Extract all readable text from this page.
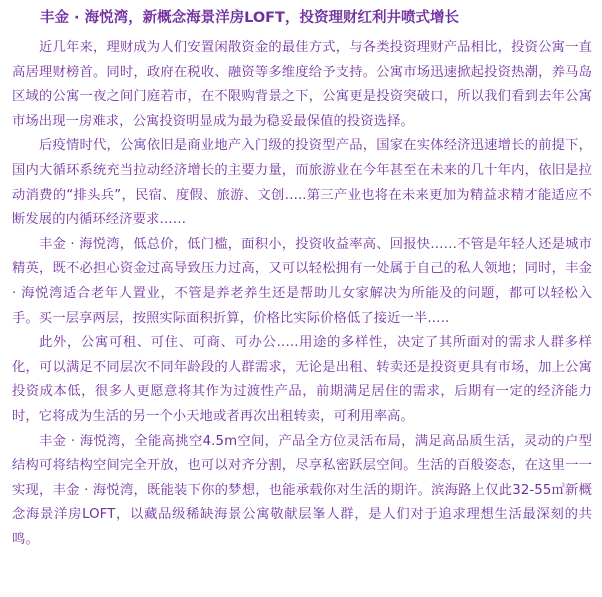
丰金 · 海悦湾，新概念海景洋房LOFT，投资理财红利井喷式增长

近几年来，理财成为人们安置闲散资金的最佳方式，与各类投资理财产品相比，投资公寓一直高居理财榜首。同时，政府在税收、融资等多维度给予支持。公寓市场迅速掀起投资热潮，养马岛区域的公寓一夜之间门庭若市，在不限购背景之下，公寓更是投资突破口，所以我们看到去年公寓市场出现一房难求，公寓投资明显成为最为稳妥最保值的投资选择。

后疫情时代，公寓依旧是商业地产入门级的投资型产品，国家在实体经济迅速增长的前提下，国内大循环系统充当拉动经济增长的主要力量，而旅游业在今年甚至在未来的几十年内，依旧是拉动消费的“排头兵”，民宿、度假、旅游、文创…..第三产业也将在未来更加为精益求精才能适应不断发展的内循环经济要求……

丰金 · 海悦湾，低总价，低门槛，面积小，投资收益率高、回报快……不管是年轻人还是城市精英，既不必担心资金过高导致压力过高，又可以轻松拥有一处属于自己的私人领地；同时，丰金 · 海悦湾适合老年人置业，不管是养老养生还是帮助儿女家解决为所能及的问题，都可以轻松入手。买一层享两层，按照实际面积折算，价格比实际价格低了接近一半…..

此外，公寓可租、可住、可商、可办公…..用途的多样性，决定了其所面对的需求人群多样化，可以满足不同层次不同年龄段的人群需求，无论是出租、转卖还是投资更具有市场，加上公寓投资成本低，很多人更愿意将其作为过渡性产品，前期满足居住的需求，后期有一定的经济能力时，它将成为生活的另一个小天地或者再次出租转卖，可利用率高。

丰金 · 海悦湾，全能高挑空4.5m空间，产品全方位灵活布局，满足高品质生活，灵动的户型结构可将结构空间完全开放，也可以对齐分割，尽享私密跃层空间。生活的百般姿态，在这里一一实现，丰金 · 海悦湾，既能装下你的梦想，也能承载你对生活的期许。滨海路上仅此32-55㎡新概念海景洋房LOFT，以藏品级稀缺海景公寓敬献层峯人群，是人们对于追求理想生活最深刻的共鸣。
